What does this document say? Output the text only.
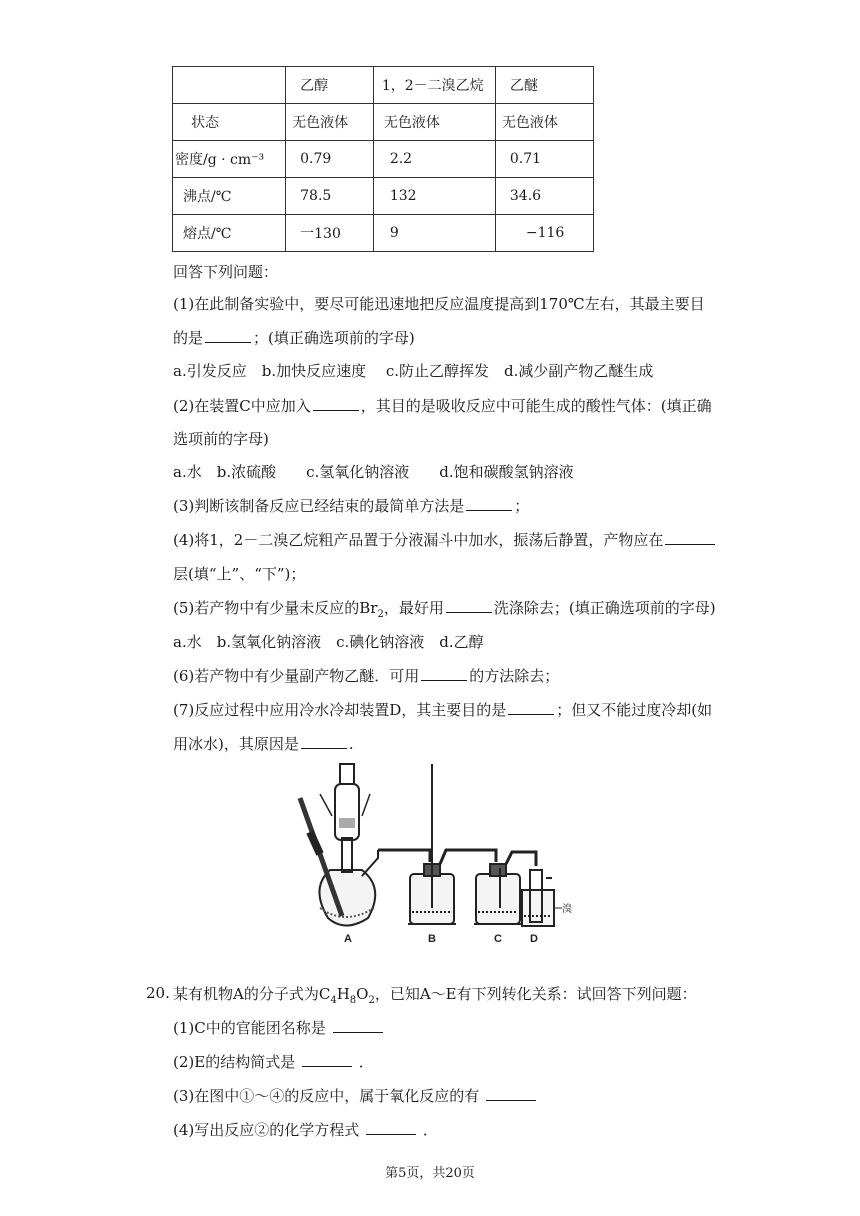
	乙醇	1，2－二溴乙烷	乙醚
状态	无色液体	无色液体	无色液体
密度/g · cm⁻³	0.79	2.2	0.71
沸点/℃	78.5	132	34.6
熔点/℃	一130	9	−116
回答下列问题：
(1)在此制备实验中，要尽可能迅速地把反应温度提高到170℃左右，其最主要目
的是	；(填正确选项前的字母)
a.引发反应　b.加快反应速度　 c.防止乙醇挥发　d.减少副产物乙醚生成
(2)在装置C中应加入	，其目的是吸收反应中可能生成的酸性气体：(填正确
选项前的字母)
a.水　b.浓硫酸　　c.氢氧化钠溶液　　d.饱和碳酸氢钠溶液
(3)判断该制备反应已经结束的最简单方法是	；
(4)将1，2－二溴乙烷粗产品置于分液漏斗中加水，振荡后静置，产物应在
层(填“上”、“下”)；
(5)若产物中有少量未反应的$Br_2$，最好用	洗涤除去；(填正确选项前的字母)
a.水　b.氢氧化钠溶液　c.碘化钠溶液　d.乙醇
(6)若产物中有少量副产物乙醚．可用	的方法除去；
(7)反应过程中应用冷水冷却装置D，其主要目的是	；但又不能过度冷却(如
用冰水)，其原因是	.
A	B	C	D
溴
20. 某有机物A的分子式为$C_4H_8O_2$，已知A～E有下列转化关系：试回答下列问题：
(1)C中的官能团名称是
(2)E的结构简式是	．
(3)在图中①～④的反应中，属于氧化反应的有
(4)写出反应②的化学方程式	．
第5页，共20页
